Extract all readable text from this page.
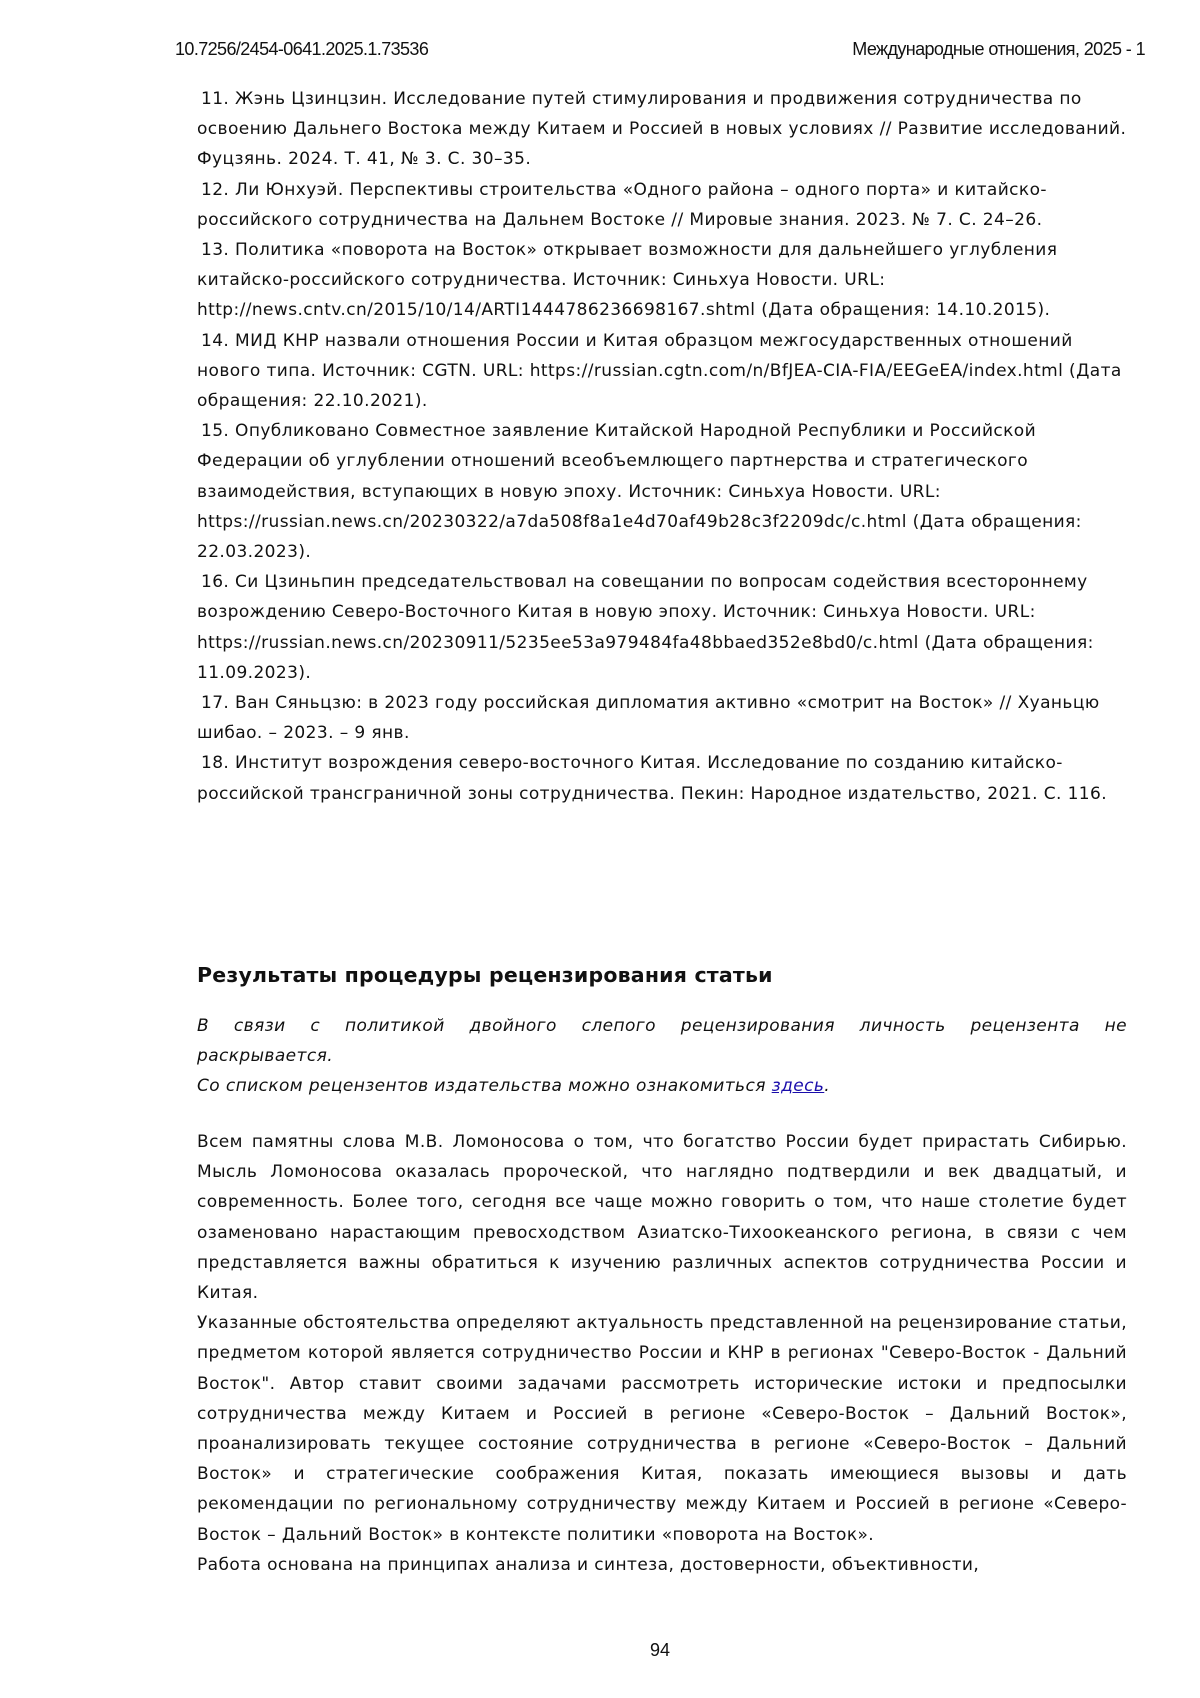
10.7256/2454-0641.2025.1.73536	Международные отношения, 2025 - 1

11. Жэнь Цзинцзин. Исследование путей стимулирования и продвижения сотрудничества по освоению Дальнего Востока между Китаем и Россией в новых условиях // Развитие исследований. Фуцзянь. 2024. Т. 41, № 3. С. 30–35.

12. Ли Юнхуэй. Перспективы строительства «Одного района – одного порта» и китайско-российского сотрудничества на Дальнем Востоке // Мировые знания. 2023. № 7. С. 24–26.

13. Политика «поворота на Восток» открывает возможности для дальнейшего углубления китайско-российского сотрудничества. Источник: Синьхуа Новости. URL: http://news.cntv.cn/2015/10/14/ARTI1444786236698167.shtml (Дата обращения: 14.10.2015).

14. МИД КНР назвали отношения России и Китая образцом межгосударственных отношений нового типа. Источник: CGTN. URL: https://russian.cgtn.com/n/BfJEA-CIA-FIA/EEGeEA/index.html (Дата обращения: 22.10.2021).

15. Опубликовано Совместное заявление Китайской Народной Республики и Российской Федерации об углублении отношений всеобъемлющего партнерства и стратегического взаимодействия, вступающих в новую эпоху. Источник: Синьхуа Новости. URL: https://russian.news.cn/20230322/a7da508f8a1e4d70af49b28c3f2209dc/c.html (Дата обращения: 22.03.2023).

16. Си Цзиньпин председательствовал на совещании по вопросам содействия всестороннему возрождению Северо-Восточного Китая в новую эпоху. Источник: Синьхуа Новости. URL: https://russian.news.cn/20230911/5235ee53a979484fa48bbaed352e8bd0/c.html (Дата обращения: 11.09.2023).

17. Ван Сяньцзю: в 2023 году российская дипломатия активно «смотрит на Восток» // Хуаньцю шибао. – 2023. – 9 янв.

18. Институт возрождения северо-восточного Китая. Исследование по созданию китайско-российской трансграничной зоны сотрудничества. Пекин: Народное издательство, 2021. С. 116.

Результаты процедуры рецензирования статьи

В связи с политикой двойного слепого рецензирования личность рецензента не раскрывается.

Со списком рецензентов издательства можно ознакомиться здесь.

Всем памятны слова М.В. Ломоносова о том, что богатство России будет прирастать Сибирью. Мысль Ломоносова оказалась пророческой, что наглядно подтвердили и век двадцатый, и современность. Более того, сегодня все чаще можно говорить о том, что наше столетие будет озаменовано нарастающим превосходством Азиатско-Тихоокеанского региона, в связи с чем представляется важны обратиться к изучению различных аспектов сотрудничества России и Китая.

Указанные обстоятельства определяют актуальность представленной на рецензирование статьи, предметом которой является сотрудничество России и КНР в регионах "Северо-Восток - Дальний Восток". Автор ставит своими задачами рассмотреть исторические истоки и предпосылки сотрудничества между Китаем и Россией в регионе «Северо-Восток – Дальний Восток», проанализировать текущее состояние сотрудничества в регионе «Северо-Восток – Дальний Восток» и стратегические соображения Китая, показать имеющиеся вызовы и дать рекомендации по региональному сотрудничеству между Китаем и Россией в регионе «Северо-Восток – Дальний Восток» в контексте политики «поворота на Восток».

Работа основана на принципах анализа и синтеза, достоверности, объективности,

94
